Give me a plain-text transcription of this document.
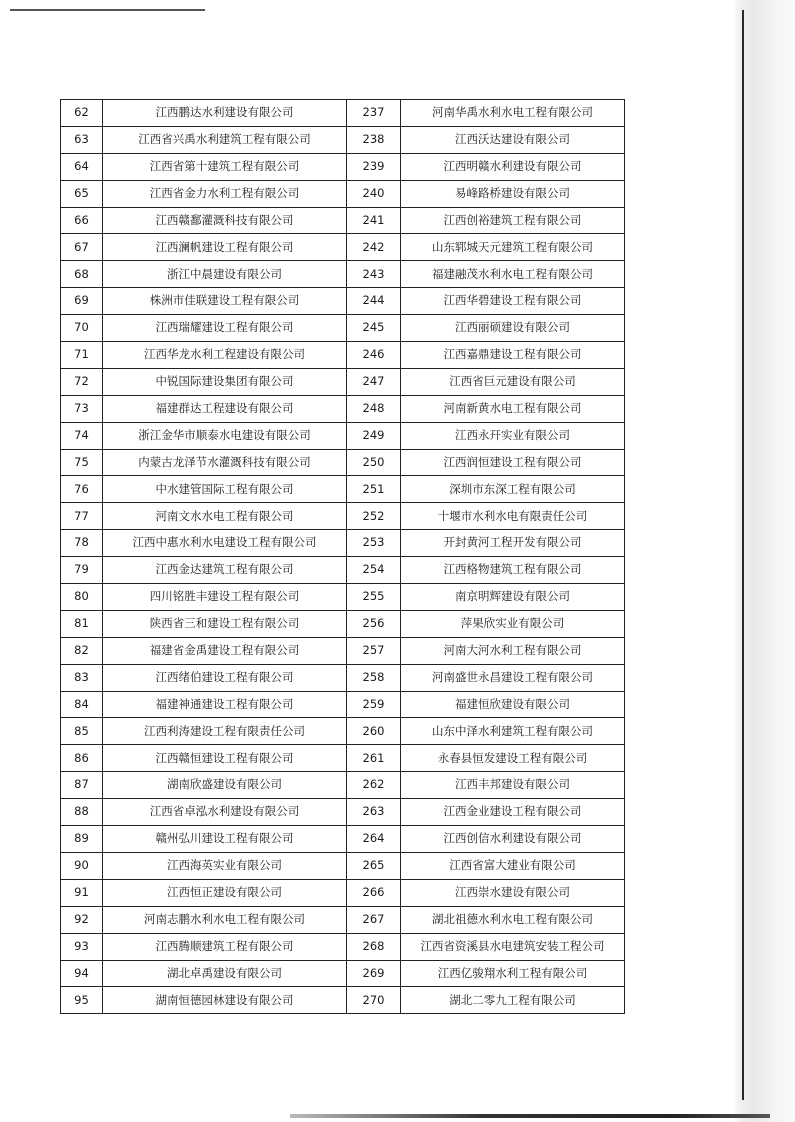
62	江西鹏达水利建设有限公司	237	河南华禹水利水电工程有限公司
63	江西省兴禹水利建筑工程有限公司	238	江西沃达建设有限公司
64	江西省第十建筑工程有限公司	239	江西明赣水利建设有限公司
65	江西省金力水利工程有限公司	240	易峰路桥建设有限公司
66	江西赣鄱灌溉科技有限公司	241	江西创裕建筑工程有限公司
67	江西澜帆建设工程有限公司	242	山东郓城天元建筑工程有限公司
68	浙江中晨建设有限公司	243	福建融茂水利水电工程有限公司
69	株洲市佳联建设工程有限公司	244	江西华碧建设工程有限公司
70	江西瑞耀建设工程有限公司	245	江西丽硕建设有限公司
71	江西华龙水利工程建设有限公司	246	江西嘉鼎建设工程有限公司
72	中锐国际建设集团有限公司	247	江西省巨元建设有限公司
73	福建群达工程建设有限公司	248	河南新黄水电工程有限公司
74	浙江金华市顺泰水电建设有限公司	249	江西永幵实业有限公司
75	内蒙古龙泽节水灌溉科技有限公司	250	江西润恒建设工程有限公司
76	中水建管国际工程有限公司	251	深圳市东深工程有限公司
77	河南文水水电工程有限公司	252	十堰市水利水电有限责任公司
78	江西中惠水利水电建设工程有限公司	253	开封黄河工程开发有限公司
79	江西金达建筑工程有限公司	254	江西格物建筑工程有限公司
80	四川铭胜丰建设工程有限公司	255	南京明辉建设有限公司
81	陕西省三和建设工程有限公司	256	萍果欣实业有限公司
82	福建省金禹建设工程有限公司	257	河南大河水利工程有限公司
83	江西绪伯建设工程有限公司	258	河南盛世永昌建设工程有限公司
84	福建神通建设工程有限公司	259	福建恒欣建设有限公司
85	江西利涛建设工程有限责任公司	260	山东中泽水利建筑工程有限公司
86	江西赣恒建设工程有限公司	261	永春县恒发建设工程有限公司
87	湖南欣盛建设有限公司	262	江西丰邦建设有限公司
88	江西省卓泓水利建设有限公司	263	江西金业建设工程有限公司
89	赣州弘川建设工程有限公司	264	江西创信水利建设有限公司
90	江西海英实业有限公司	265	江西省富大建业有限公司
91	江西恒正建设有限公司	266	江西崇水建设有限公司
92	河南志鹏水利水电工程有限公司	267	湖北祖德水利水电工程有限公司
93	江西腾顺建筑工程有限公司	268	江西省资溪县水电建筑安装工程公司
94	湖北卓禹建设有限公司	269	江西亿骏翔水利工程有限公司
95	湖南恒德园林建设有限公司	270	湖北二零九工程有限公司
